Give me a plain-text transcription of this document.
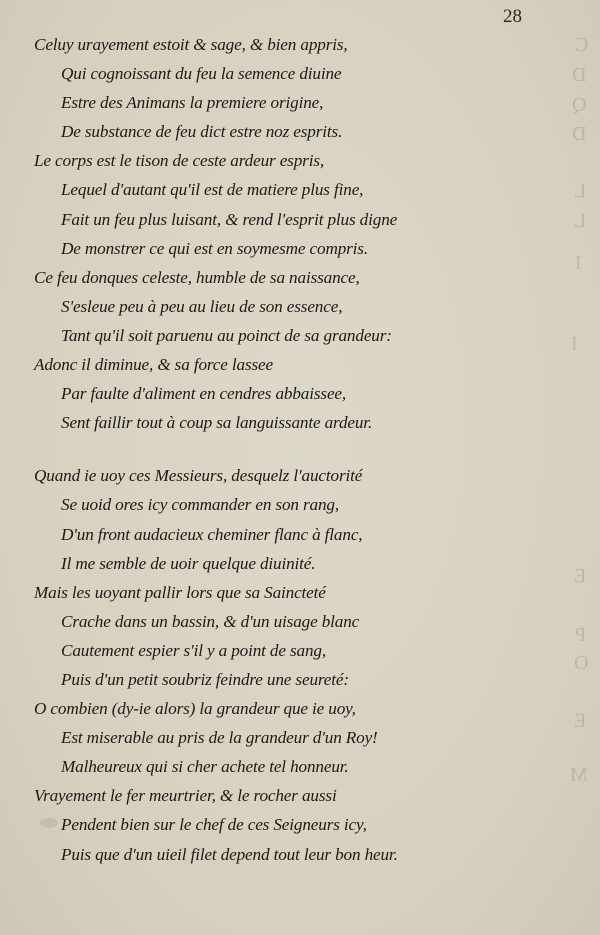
C
D
Q
D
L
L
I
I
E
P
O
E
M
28
Celuy urayement estoit & sage, & bien appris,
Qui cognoissant du feu la semence diuine
Estre des Animans la premiere origine,
De substance de feu dict estre noz esprits.
Le corps est le tison de ceste ardeur espris,
Lequel d'autant qu'il est de matiere plus fine,
Fait un feu plus luisant, & rend l'esprit plus digne
De monstrer ce qui est en soymesme compris.
Ce feu donques celeste, humble de sa naissance,
S'esleue peu à peu au lieu de son essence,
Tant qu'il soit paruenu au poinct de sa grandeur:
Adonc il diminue, & sa force lassee
Par faulte d'aliment en cendres abbaissee,
Sent faillir tout à coup sa languissante ardeur.
Quand ie uoy ces Messieurs, desquelz l'auctorité
Se uoid ores icy commander en son rang,
D'un front audacieux cheminer flanc à flanc,
Il me semble de uoir quelque diuinité.
Mais les uoyant pallir lors que sa Saincteté
Crache dans un bassin, & d'un uisage blanc
Cautement espier s'il y a point de sang,
Puis d'un petit soubriz feindre une seureté:
O combien (dy-ie alors) la grandeur que ie uoy,
Est miserable au pris de la grandeur d'un Roy!
Malheureux qui si cher achete tel honneur.
Vrayement le fer meurtrier, & le rocher aussi
Pendent bien sur le chef de ces Seigneurs icy,
Puis que d'un uieil filet depend tout leur bon heur.
